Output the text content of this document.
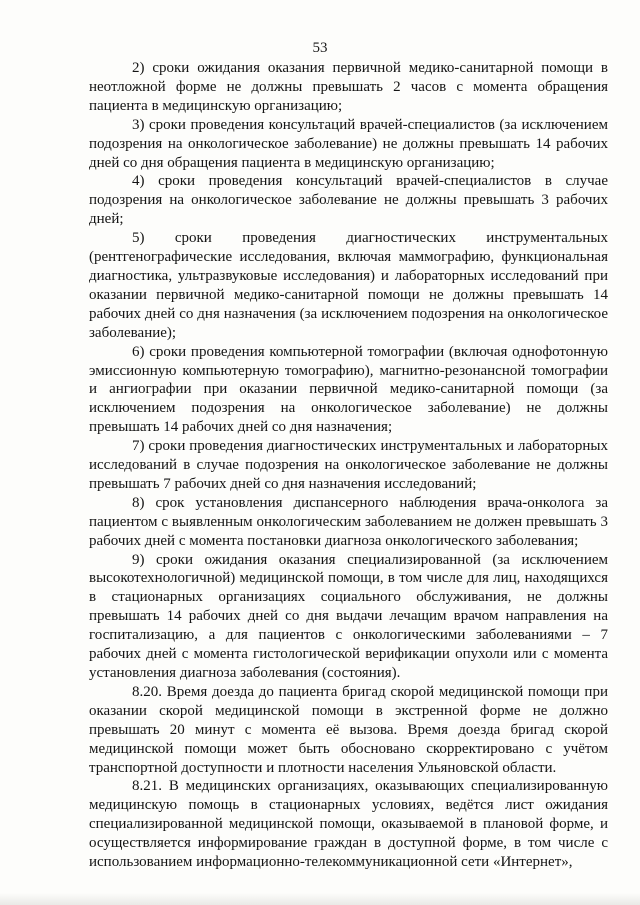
53

2) сроки ожидания оказания первичной медико-санитарной помощи в неотложной форме не должны превышать 2 часов с момента обращения пациента в медицинскую организацию;

3) сроки проведения консультаций врачей-специалистов (за исключением подозрения на онкологическое заболевание) не должны превышать 14 рабочих дней со дня обращения пациента в медицинскую организацию;

4) сроки проведения консультаций врачей-специалистов в случае подозрения на онкологическое заболевание не должны превышать 3 рабочих дней;

5) сроки проведения диагностических инструментальных (рентгенографические исследования, включая маммографию, функциональная диагностика, ультразвуковые исследования) и лабораторных исследований при оказании первичной медико-санитарной помощи не должны превышать 14 рабочих дней со дня назначения (за исключением подозрения на онкологическое заболевание);

6) сроки проведения компьютерной томографии (включая однофотонную эмиссионную компьютерную томографию), магнитно-резонансной томографии и ангиографии при оказании первичной медико-санитарной помощи (за исключением подозрения на онкологическое заболевание) не должны превышать 14 рабочих дней со дня назначения;

7) сроки проведения диагностических инструментальных и лабораторных исследований в случае подозрения на онкологическое заболевание не должны превышать 7 рабочих дней со дня назначения исследований;

8) срок установления диспансерного наблюдения врача-онколога за пациентом с выявленным онкологическим заболеванием не должен превышать 3 рабочих дней с момента постановки диагноза онкологического заболевания;

9) сроки ожидания оказания специализированной (за исключением высокотехнологичной) медицинской помощи, в том числе для лиц, находящихся в стационарных организациях социального обслуживания, не должны превышать 14 рабочих дней со дня выдачи лечащим врачом направления на госпитализацию, а для пациентов с онкологическими заболеваниями – 7 рабочих дней с момента гистологической верификации опухоли или с момента установления диагноза заболевания (состояния).

8.20. Время доезда до пациента бригад скорой медицинской помощи при оказании скорой медицинской помощи в экстренной форме не должно превышать 20 минут с момента её вызова. Время доезда бригад скорой медицинской помощи может быть обосновано скорректировано с учётом транспортной доступности и плотности населения Ульяновской области.

8.21. В медицинских организациях, оказывающих специализированную медицинскую помощь в стационарных условиях, ведётся лист ожидания специализированной медицинской помощи, оказываемой в плановой форме, и осуществляется информирование граждан в доступной форме, в том числе с использованием информационно-телекоммуникационной сети «Интернет»,
